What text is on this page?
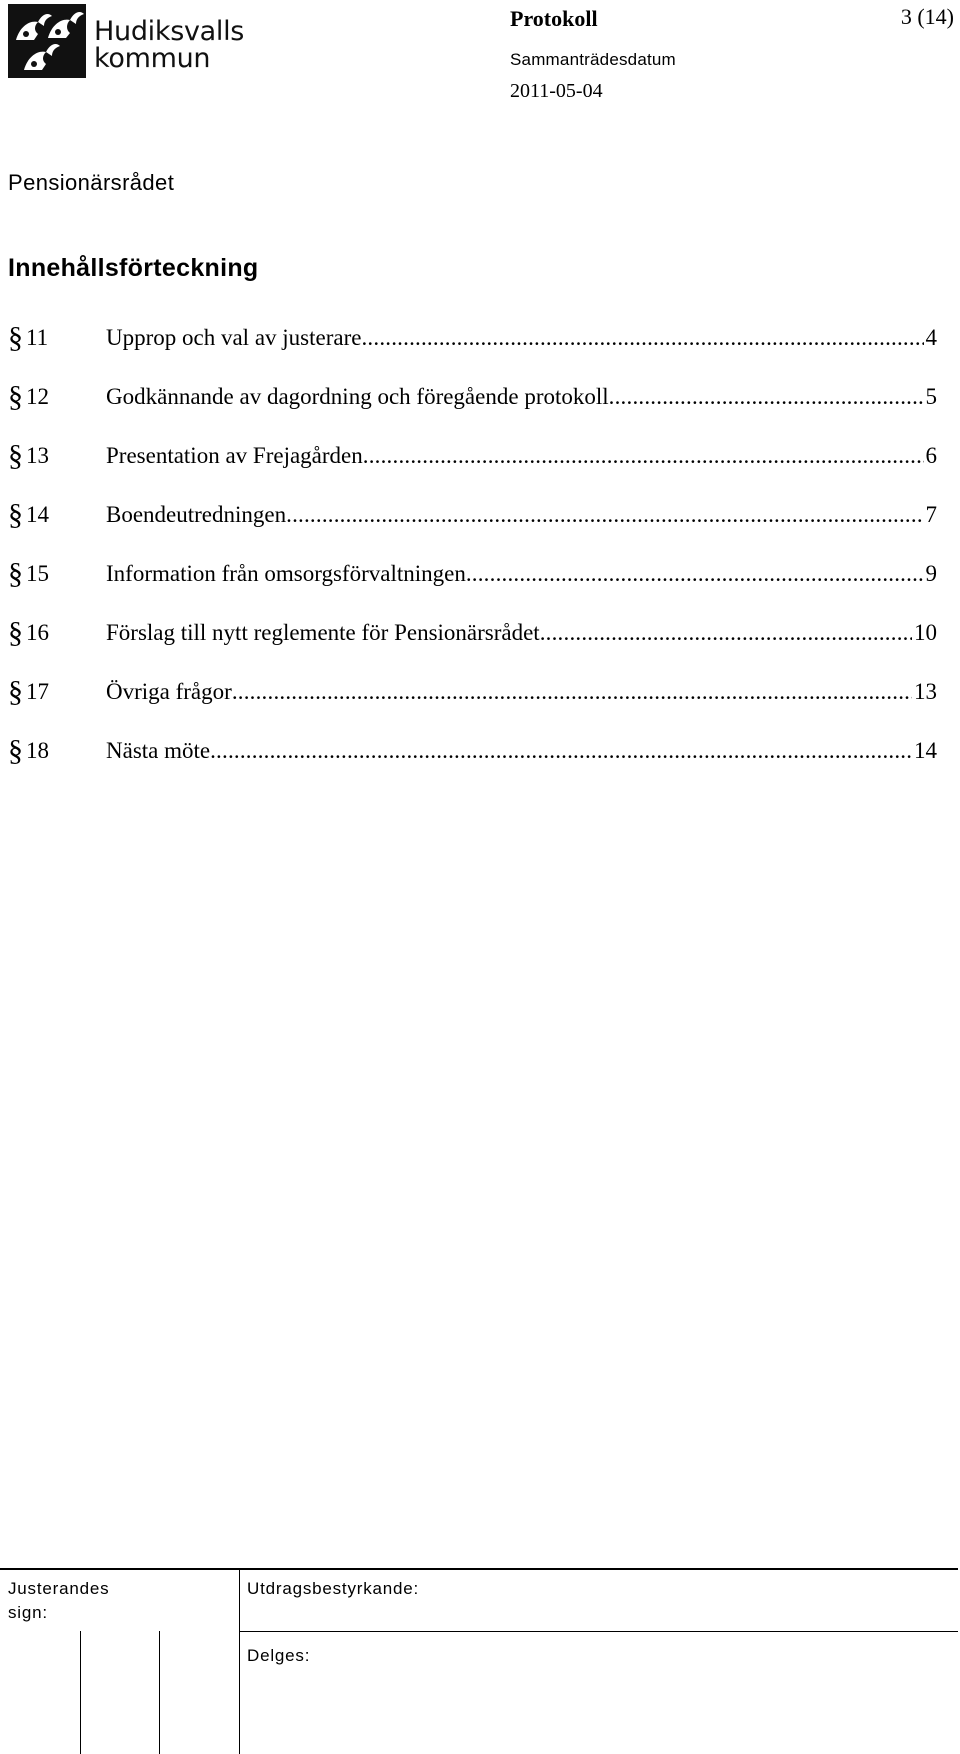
Hudiksvalls
kommun
Protokoll	3 (14)
Sammanträdesdatum
2011-05-04
Pensionärsrådet
Innehållsförteckning
§ 11	Upprop och val av justerare .....	4
§ 12 Godkännande av dagordning och föregående protokoll .....	5
§ 13 Presentation av Frejagården .....	6
§ 14 Boendeutredningen .....	7
§ 15 Information från omsorgsförvaltningen .....	9
§ 16 Förslag till nytt reglemente för Pensionärsrådet .....	10
§ 17 Övriga frågor .....	13
§ 18 Nästa möte .....	14
Justerandes
sign:
Utdragsbestyrkande:
Delges:
